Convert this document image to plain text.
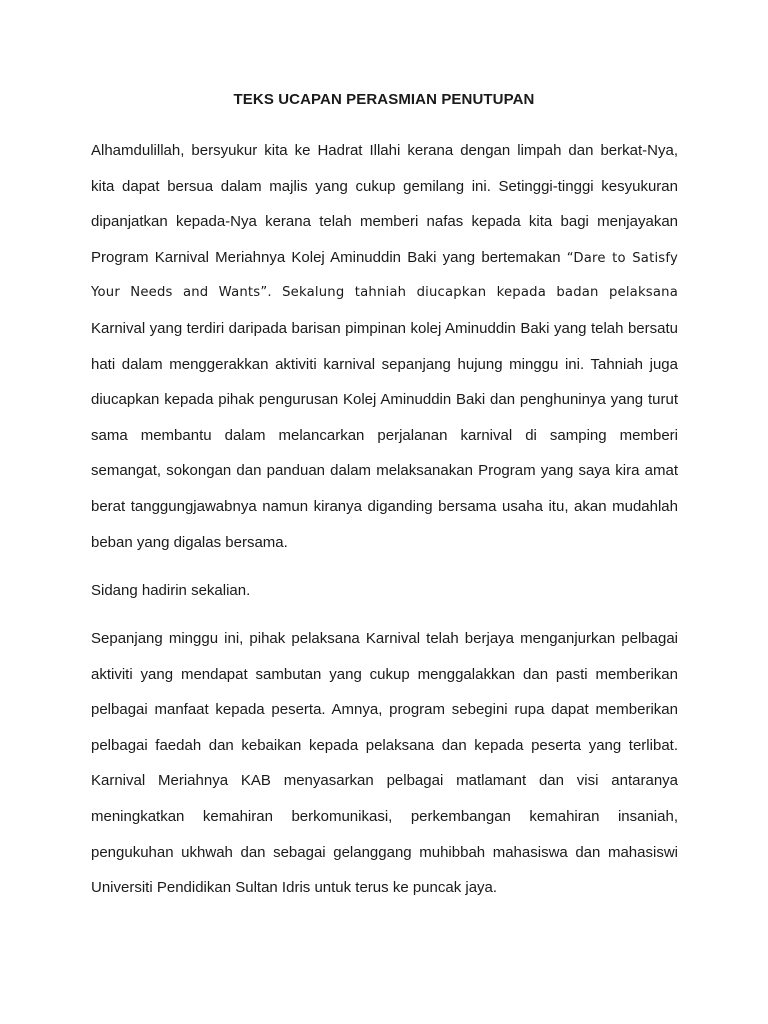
TEKS UCAPAN PERASMIAN PENUTUPAN
Alhamdulillah, bersyukur kita ke Hadrat Illahi kerana dengan limpah dan berkat-Nya,
kita dapat bersua dalam majlis yang cukup gemilang ini. Setinggi-tinggi kesyukuran
dipanjatkan kepada-Nya kerana telah memberi nafas kepada kita bagi menjayakan
Program Karnival Meriahnya Kolej Aminuddin Baki yang bertemakan “Dare to Satisfy
Your Needs and Wants”. Sekalung tahniah diucapkan kepada badan pelaksana
Karnival yang terdiri daripada barisan pimpinan kolej Aminuddin Baki yang telah bersatu
hati dalam menggerakkan aktiviti karnival sepanjang hujung minggu ini. Tahniah juga
diucapkan kepada pihak pengurusan Kolej Aminuddin Baki dan penghuninya yang turut
sama membantu dalam melancarkan perjalanan karnival di samping memberi
semangat, sokongan dan panduan dalam melaksanakan Program yang saya kira amat
berat tanggungjawabnya namun kiranya diganding bersama usaha itu, akan mudahlah
beban yang digalas bersama.
Sidang hadirin sekalian.
Sepanjang minggu ini, pihak pelaksana Karnival telah berjaya menganjurkan pelbagai
aktiviti yang mendapat sambutan yang cukup menggalakkan dan pasti memberikan
pelbagai manfaat kepada peserta. Amnya, program sebegini rupa dapat memberikan
pelbagai faedah dan kebaikan kepada pelaksana dan kepada peserta yang terlibat.
Karnival Meriahnya KAB menyasarkan pelbagai matlamant dan visi antaranya
meningkatkan kemahiran berkomunikasi, perkembangan kemahiran insaniah,
pengukuhan ukhwah dan sebagai gelanggang muhibbah mahasiswa dan mahasiswi
Universiti Pendidikan Sultan Idris untuk terus ke puncak jaya.
